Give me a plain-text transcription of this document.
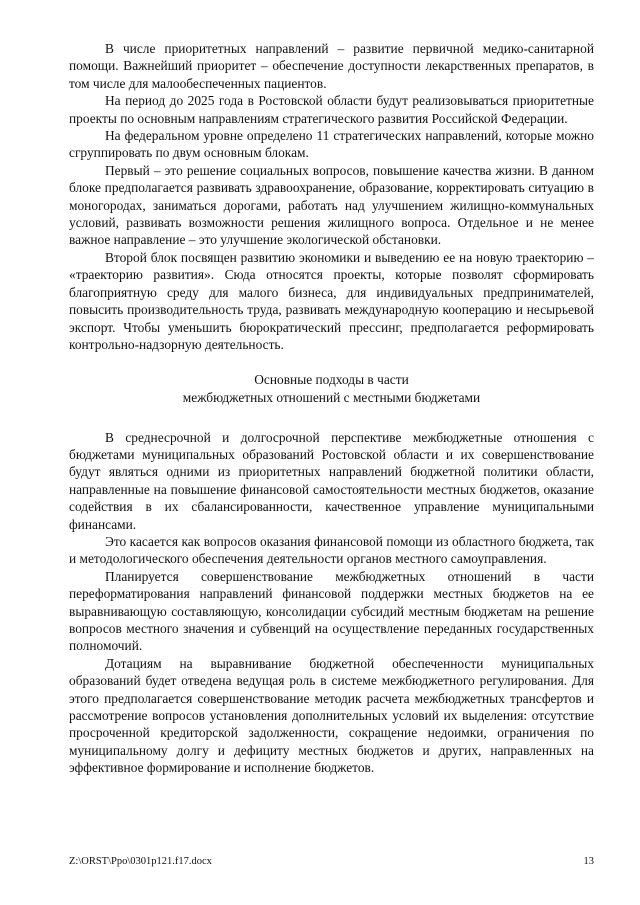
В числе приоритетных направлений – развитие первичной медико-санитарной помощи. Важнейший приоритет – обеспечение доступности лекарственных препаратов, в том числе для малообеспеченных пациентов.

На период до 2025 года в Ростовской области будут реализовываться приоритетные проекты по основным направлениям стратегического развития Российской Федерации.

На федеральном уровне определено 11 стратегических направлений, которые можно сгруппировать по двум основным блокам.

Первый – это решение социальных вопросов, повышение качества жизни. В данном блоке предполагается развивать здравоохранение, образование, корректировать ситуацию в моногородах, заниматься дорогами, работать над улучшением жилищно-коммунальных условий, развивать возможности решения жилищного вопроса. Отдельное и не менее важное направление – это улучшение экологической обстановки.

Второй блок посвящен развитию экономики и выведению ее на новую траекторию – «траекторию развития». Сюда относятся проекты, которые позволят сформировать благоприятную среду для малого бизнеса, для индивидуальных предпринимателей, повысить производительность труда, развивать международную кооперацию и несырьевой экспорт. Чтобы уменьшить бюрократический прессинг, предполагается реформировать контрольно-надзорную деятельность.

Основные подходы в части
межбюджетных отношений с местными бюджетами

В среднесрочной и долгосрочной перспективе межбюджетные отношения с бюджетами муниципальных образований Ростовской области и их совершенствование будут являться одними из приоритетных направлений бюджетной политики области, направленные на повышение финансовой самостоятельности местных бюджетов, оказание содействия в их сбалансированности, качественное управление муниципальными финансами.

Это касается как вопросов оказания финансовой помощи из областного бюджета, так и методологического обеспечения деятельности органов местного самоуправления.

Планируется совершенствование межбюджетных отношений в части переформатирования направлений финансовой поддержки местных бюджетов на ее выравнивающую составляющую, консолидации субсидий местным бюджетам на решение вопросов местного значения и субвенций на осуществление переданных государственных полномочий.

Дотациям на выравнивание бюджетной обеспеченности муниципальных образований будет отведена ведущая роль в системе межбюджетного регулирования. Для этого предполагается совершенствование методик расчета межбюджетных трансфертов и рассмотрение вопросов установления дополнительных условий их выделения: отсутствие просроченной кредиторской задолженности, сокращение недоимки, ограничения по муниципальному долгу и дефициту местных бюджетов и других, направленных на эффективное формирование и исполнение бюджетов.

Z:\ORST\Ppo\0301p121.f17.docx	13
